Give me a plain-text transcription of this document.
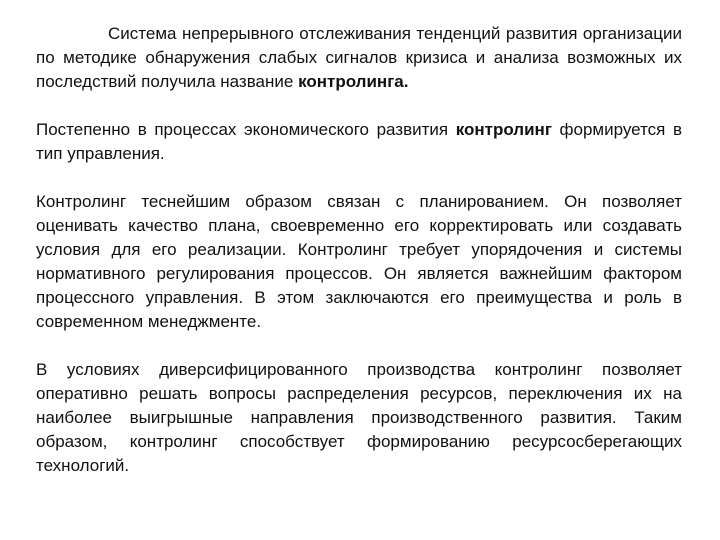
Система непрерывного отслеживания тенденций развития организации по методике обнаружения слабых сигналов кризиса и анализа возможных их последствий получила название контролинга.

Постепенно в процессах экономического развития контролинг формируется в тип управления.

Контролинг теснейшим образом связан с планированием. Он позволяет оценивать качество плана, своевременно его корректировать или создавать условия для его реализации. Контролинг требует упорядочения и системы нормативного регулирования процессов. Он является важнейшим фактором процессного управления. В этом заключаются его преимущества и роль в современном менеджменте.

В условиях диверсифицированного производства контролинг позволяет оперативно решать вопросы распределения ресурсов, переключения их на наиболее выигрышные направления производственного развития. Таким образом, контролинг способствует формированию ресурсосберегающих технологий.
